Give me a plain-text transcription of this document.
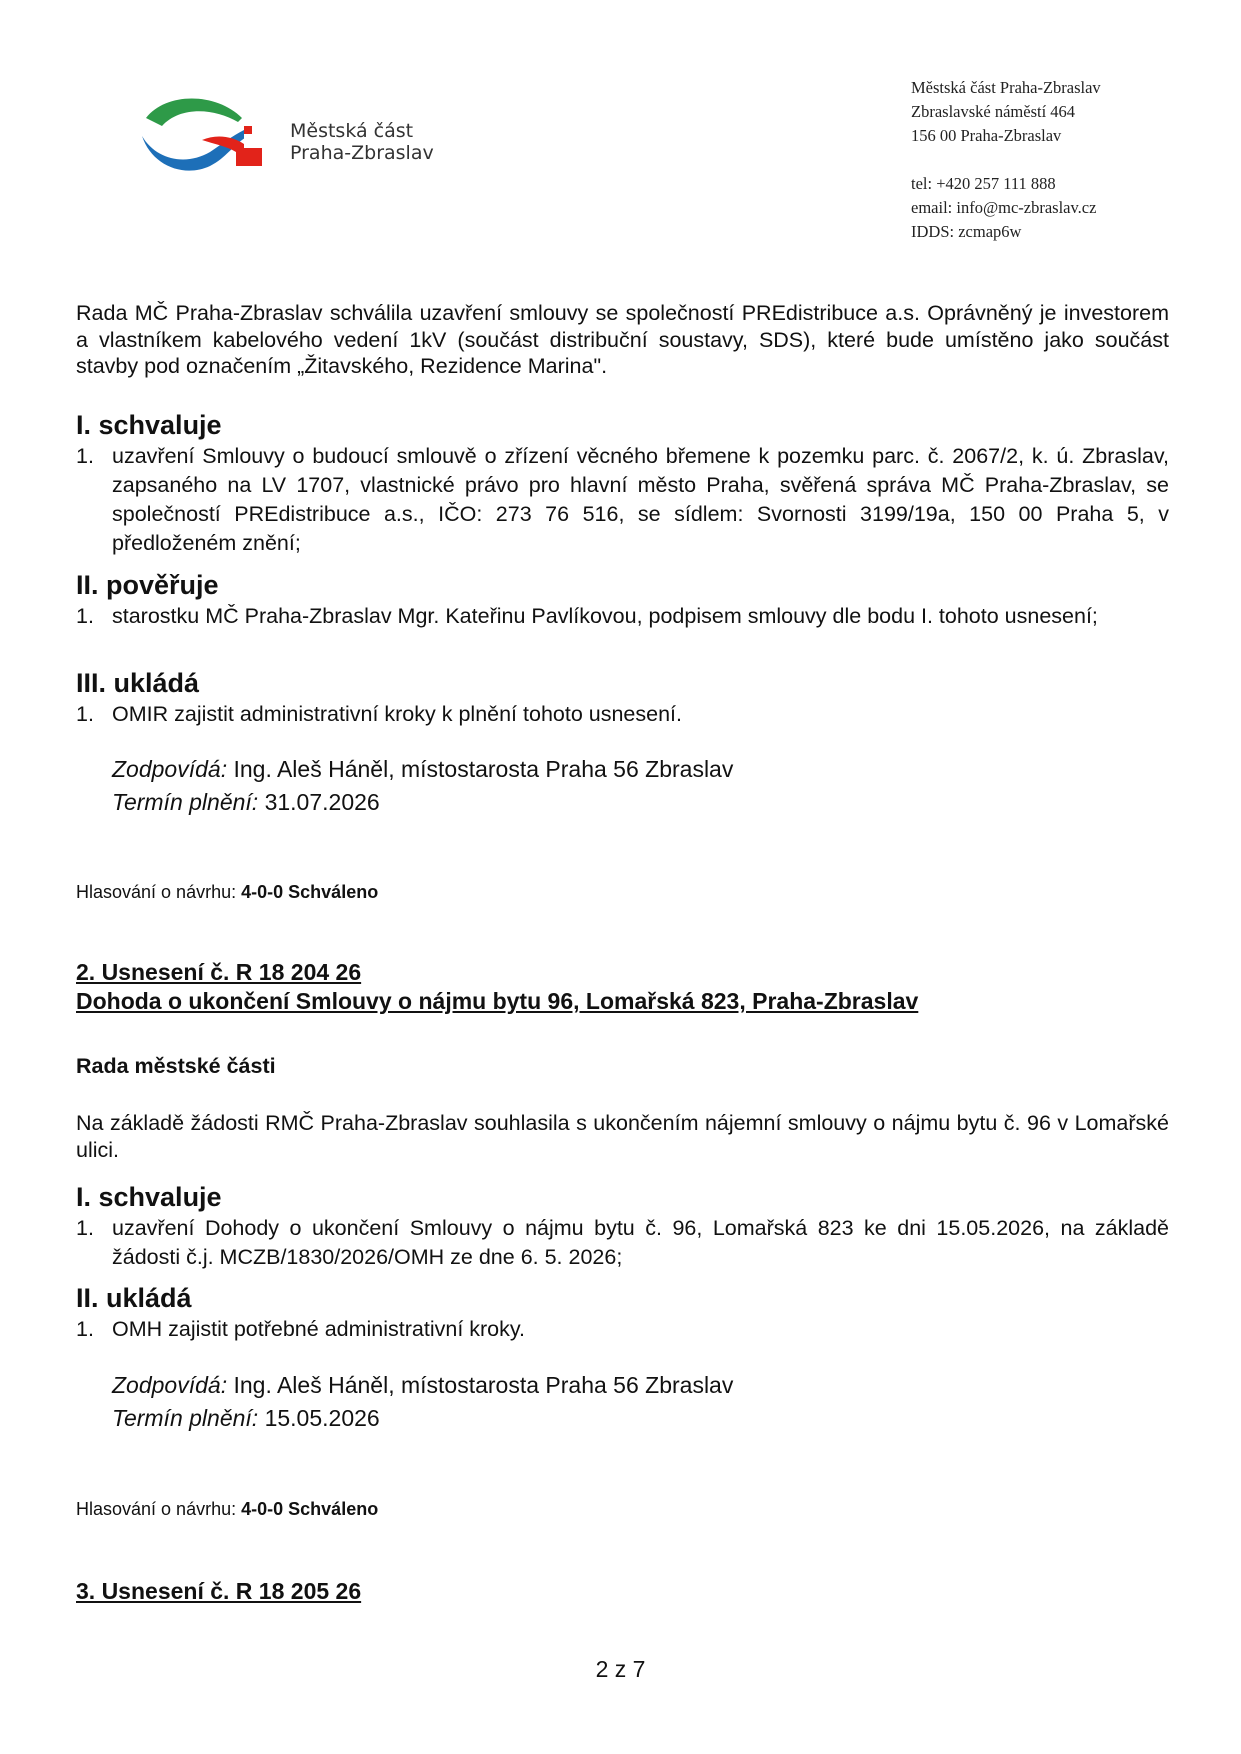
Městská část
Praha-Zbraslav
Městská část Praha-Zbraslav
Zbraslavské náměstí 464
156 00 Praha-Zbraslav
tel: +420 257 111 888
email: info@mc-zbraslav.cz
IDDS: zcmap6w
Rada MČ Praha-Zbraslav schválila uzavření smlouvy se společností PREdistribuce a.s. Oprávněný je investorem a vlastníkem kabelového vedení 1kV (součást distribuční soustavy, SDS), které bude umístěno jako součást stavby pod označením „Žitavského, Rezidence Marina".
I. schvaluje
1. uzavření Smlouvy o budoucí smlouvě o zřízení věcného břemene k pozemku parc. č. 2067/2, k. ú. Zbraslav, zapsaného na LV 1707, vlastnické právo pro hlavní město Praha, svěřená správa MČ Praha-Zbraslav, se společností PREdistribuce a.s., IČO: 273 76 516, se sídlem: Svornosti 3199/19a, 150 00 Praha 5, v předloženém znění;
II. pověřuje
1. starostku MČ Praha-Zbraslav Mgr. Kateřinu Pavlíkovou, podpisem smlouvy dle bodu I. tohoto usnesení;
III. ukládá
1. OMIR zajistit administrativní kroky k plnění tohoto usnesení.
Zodpovídá: Ing. Aleš Háněl, místostarosta Praha 56 Zbraslav
Termín plnění: 31.07.2026
Hlasování o návrhu: 4-0-0 Schváleno
2. Usnesení č. R 18 204 26
Dohoda o ukončení Smlouvy o nájmu bytu 96, Lomařská 823, Praha-Zbraslav
Rada městské části
Na základě žádosti RMČ Praha-Zbraslav souhlasila s ukončením nájemní smlouvy o nájmu bytu č. 96 v Lomařské ulici.
I. schvaluje
1. uzavření Dohody o ukončení Smlouvy o nájmu bytu č. 96, Lomařská 823 ke dni 15.05.2026, na základě žádosti č.j. MCZB/1830/2026/OMH ze dne 6. 5. 2026;
II. ukládá
1. OMH zajistit potřebné administrativní kroky.
Zodpovídá: Ing. Aleš Háněl, místostarosta Praha 56 Zbraslav
Termín plnění: 15.05.2026
Hlasování o návrhu: 4-0-0 Schváleno
3. Usnesení č. R 18 205 26
2 z 7
